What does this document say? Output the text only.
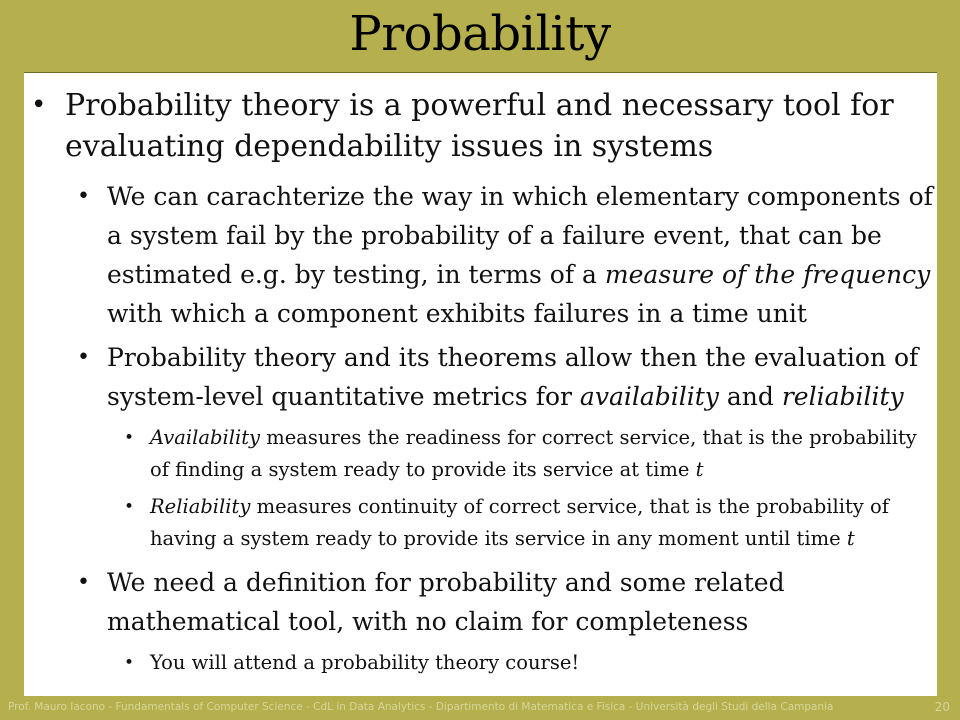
Probability
• Probability theory is a powerful and necessary tool for evaluating dependability issues in systems
• We can carachterize the way in which elementary components of a system fail by the probability of a failure event, that can be estimated e.g. by testing, in terms of a measure of the frequency with which a component exhibits failures in a time unit
• Probability theory and its theorems allow then the evaluation of system-level quantitative metrics for availability and reliability
• Availability measures the readiness for correct service, that is the probability of finding a system ready to provide its service at time t
• Reliability measures continuity of correct service, that is the probability of having a system ready to provide its service in any moment until time t
• We need a definition for probability and some related mathematical tool, with no claim for completeness
• You will attend a probability theory course!
Prof. Mauro Iacono - Fundamentals of Computer Science - CdL in Data Analytics - Dipartimento di Matematica e Fisica - Università degli Studi della Campania	20
